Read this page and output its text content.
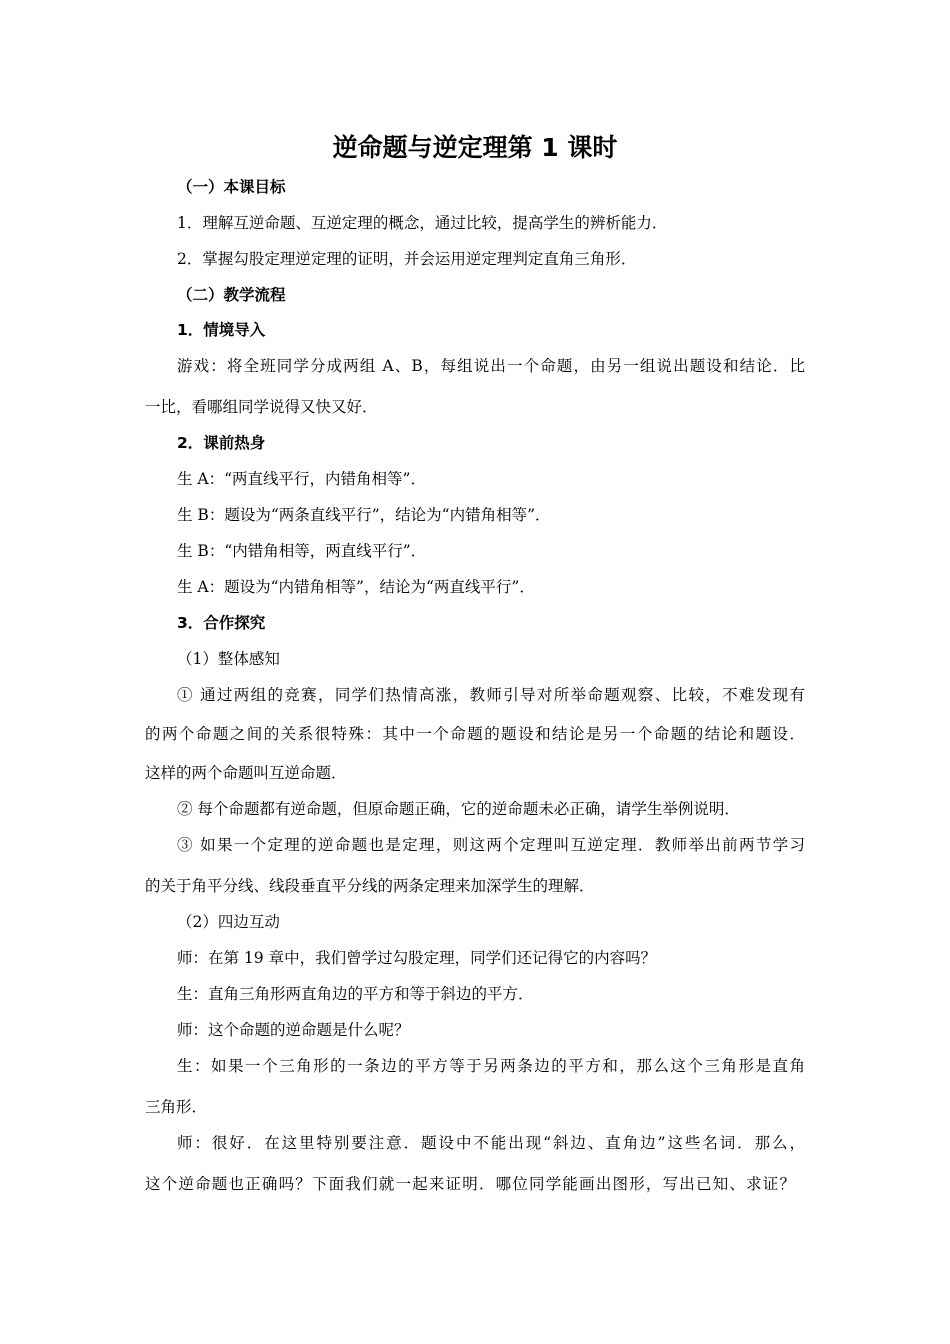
逆命题与逆定理第 1 课时
（一）本课目标
1．理解互逆命题、互逆定理的概念，通过比较，提高学生的辨析能力．
2．掌握勾股定理逆定理的证明，并会运用逆定理判定直角三角形．
（二）教学流程
1．情境导入
游戏：将全班同学分成两组 A、B，每组说出一个命题，由另一组说出题设和结论．比
一比，看哪组同学说得又快又好．
2．课前热身
生 A：“两直线平行，内错角相等”．
生 B：题设为“两条直线平行”，结论为“内错角相等”．
生 B：“内错角相等，两直线平行”．
生 A：题设为“内错角相等”，结论为“两直线平行”．
3．合作探究
（1）整体感知
① 通过两组的竞赛，同学们热情高涨，教师引导对所举命题观察、比较，不难发现有
的两个命题之间的关系很特殊：其中一个命题的题设和结论是另一个命题的结论和题设．
这样的两个命题叫互逆命题．
② 每个命题都有逆命题，但原命题正确，它的逆命题未必正确，请学生举例说明．
③ 如果一个定理的逆命题也是定理，则这两个定理叫互逆定理．教师举出前两节学习
的关于角平分线、线段垂直平分线的两条定理来加深学生的理解．
（2）四边互动
师：在第 19 章中，我们曾学过勾股定理，同学们还记得它的内容吗？
生：直角三角形两直角边的平方和等于斜边的平方．
师：这个命题的逆命题是什么呢？
生：如果一个三角形的一条边的平方等于另两条边的平方和，那么这个三角形是直角
三角形．
师：很好．在这里特别要注意．题设中不能出现“斜边、直角边”这些名词．那么，
这个逆命题也正确吗？下面我们就一起来证明．哪位同学能画出图形，写出已知、求证？
